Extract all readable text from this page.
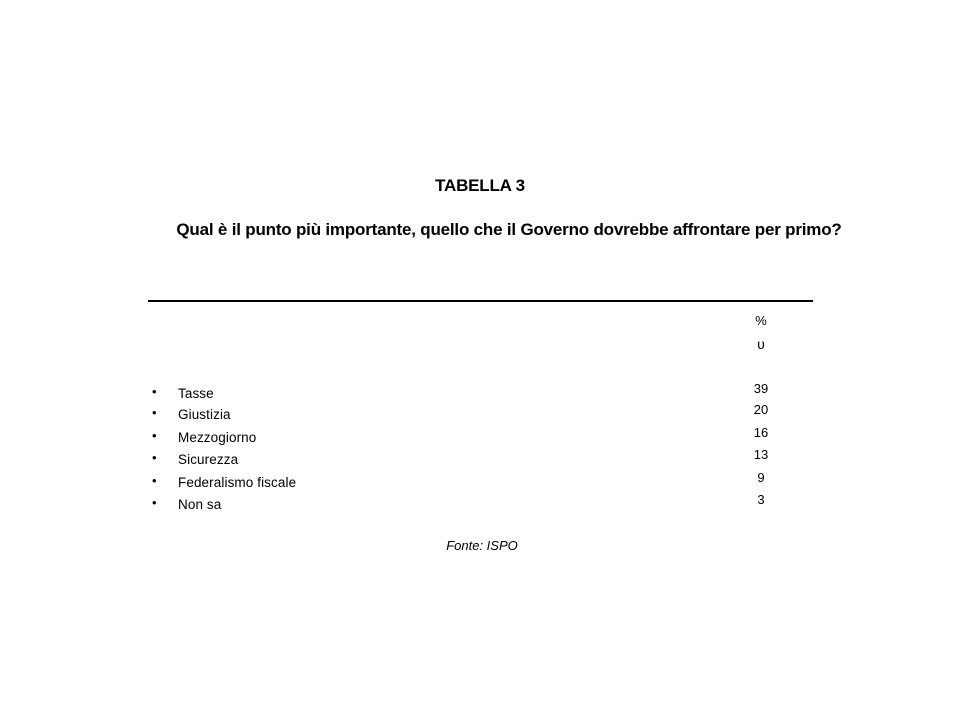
TABELLA 3
Qual è il punto più importante, quello che il Governo dovrebbe affrontare per primo?
%
υ
• Tasse	39
• Giustizia	20
• Mezzogiorno	16
• Sicurezza	13
• Federalismo fiscale	9
• Non sa	3
Fonte: ISPO
